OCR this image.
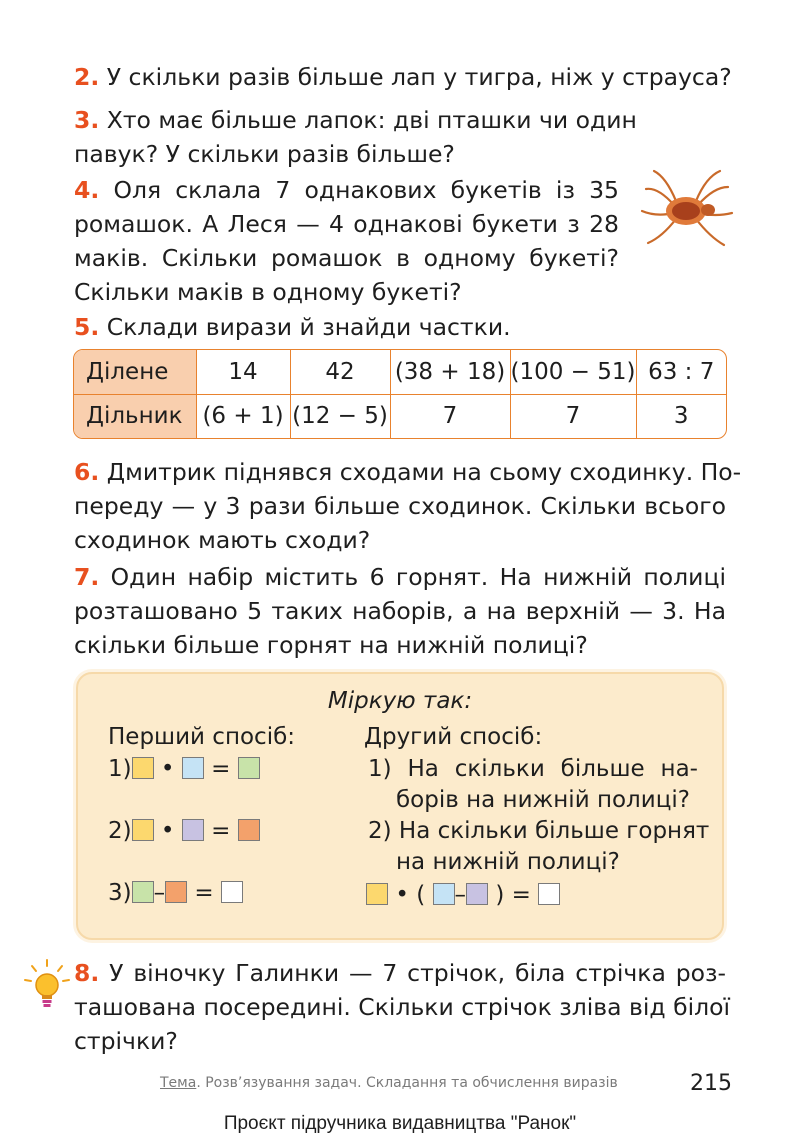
2. У скільки разів більше лап у тигра, ніж у страуса?
3. Хто має більше лапок: дві пташки чи один
павук? У скільки разів більше?
4. Оля склала 7 однакових букетів із 35
ромашок. А Леся — 4 однакові букети з 28
маків. Скільки ромашок в одному букеті?
Скільки маків в одному букеті?
5. Склади вирази й знайди частки.
Ділене	14	42	(38 + 18)	(100 − 51)	63 : 7
Дільник	(6 + 1)	(12 − 5)	7	7	3
6. Дмитрик піднявся сходами на сьому сходинку. По-
переду — у 3 рази більше сходинок. Скільки всього
сходинок мають сходи?
7. Один набір містить 6 горнят. На нижній полиці
розташовано 5 таких наборів, а на верхній — 3. На
скільки більше горнят на нижній полиці?
Міркую так:
Перший спосіб:
1) • =
2) • =
3) – =
Другий спосіб:
1) На скільки більше на-
борів на нижній полиці?
2) На скільки більше горнят
на нижній полиці?
• ( – ) =
8. У віночку Галинки — 7 стрічок, біла стрічка роз-
ташована посередині. Скільки стрічок зліва від білої
стрічки?
Тема. Розв’язування задач. Складання та обчислення виразів	215
Проєкт підручника видавництва "Ранок"
